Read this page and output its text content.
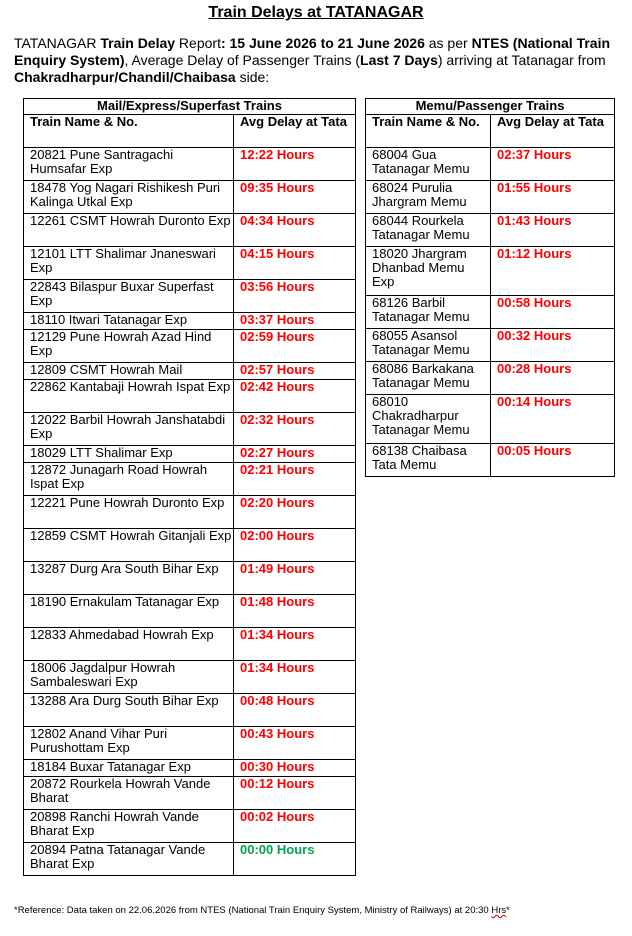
Train Delays at TATANAGAR
TATANAGAR Train Delay Report: 15 June 2026 to 21 June 2026 as per NTES (National Train Enquiry System), Average Delay of Passenger Trains (Last 7 Days) arriving at Tatanagar from Chakradharpur/Chandil/Chaibasa side:
Mail/Express/Superfast Trains	
Train Name & No.	Avg Delay at Tata
20821 Pune Santragachi Humsafar Exp	12:22 Hours
18478 Yog Nagari Rishikesh Puri Kalinga Utkal Exp	09:35 Hours
12261 CSMT Howrah Duronto Exp	04:34 Hours
12101 LTT Shalimar Jnaneswari Exp	04:15 Hours
22843 Bilaspur Buxar Superfast Exp	03:56 Hours
18110 Itwari Tatanagar Exp	03:37 Hours
12129 Pune Howrah Azad Hind Exp	02:59 Hours
12809 CSMT Howrah Mail	02:57 Hours
22862 Kantabaji Howrah Ispat Exp	02:42 Hours
12022 Barbil Howrah Janshatabdi Exp	02:32 Hours
18029 LTT Shalimar Exp	02:27 Hours
12872 Junagarh Road Howrah Ispat Exp	02:21 Hours
12221 Pune Howrah Duronto Exp	02:20 Hours
12859 CSMT Howrah Gitanjali Exp	02:00 Hours
13287 Durg Ara South Bihar Exp	01:49 Hours
18190 Ernakulam Tatanagar Exp	01:48 Hours
12833 Ahmedabad Howrah Exp	01:34 Hours
18006 Jagdalpur Howrah Sambaleswari Exp	01:34 Hours
13288 Ara Durg South Bihar Exp	00:48 Hours
12802 Anand Vihar Puri Purushottam Exp	00:43 Hours
18184 Buxar Tatanagar Exp	00:30 Hours
20872 Rourkela Howrah Vande Bharat	00:12 Hours
20898 Ranchi Howrah Vande Bharat Exp	00:02 Hours
20894 Patna Tatanagar Vande Bharat Exp	00:00 Hours
Memu/Passenger Trains	
Train Name & No.	Avg Delay at Tata
68004 Gua Tatanagar Memu	02:37 Hours
68024 Purulia Jhargram Memu	01:55 Hours
68044 Rourkela Tatanagar Memu	01:43 Hours
18020 Jhargram Dhanbad Memu Exp	01:12 Hours
68126 Barbil Tatanagar Memu	00:58 Hours
68055 Asansol Tatanagar Memu	00:32 Hours
68086 Barkakana Tatanagar Memu	00:28 Hours
68010 Chakradharpur Tatanagar Memu	00:14 Hours
68138 Chaibasa Tata Memu	00:05 Hours
*Reference: Data taken on 22.06.2026 from NTES (National Train Enquiry System, Ministry of Railways) at 20:30 Hrs*
